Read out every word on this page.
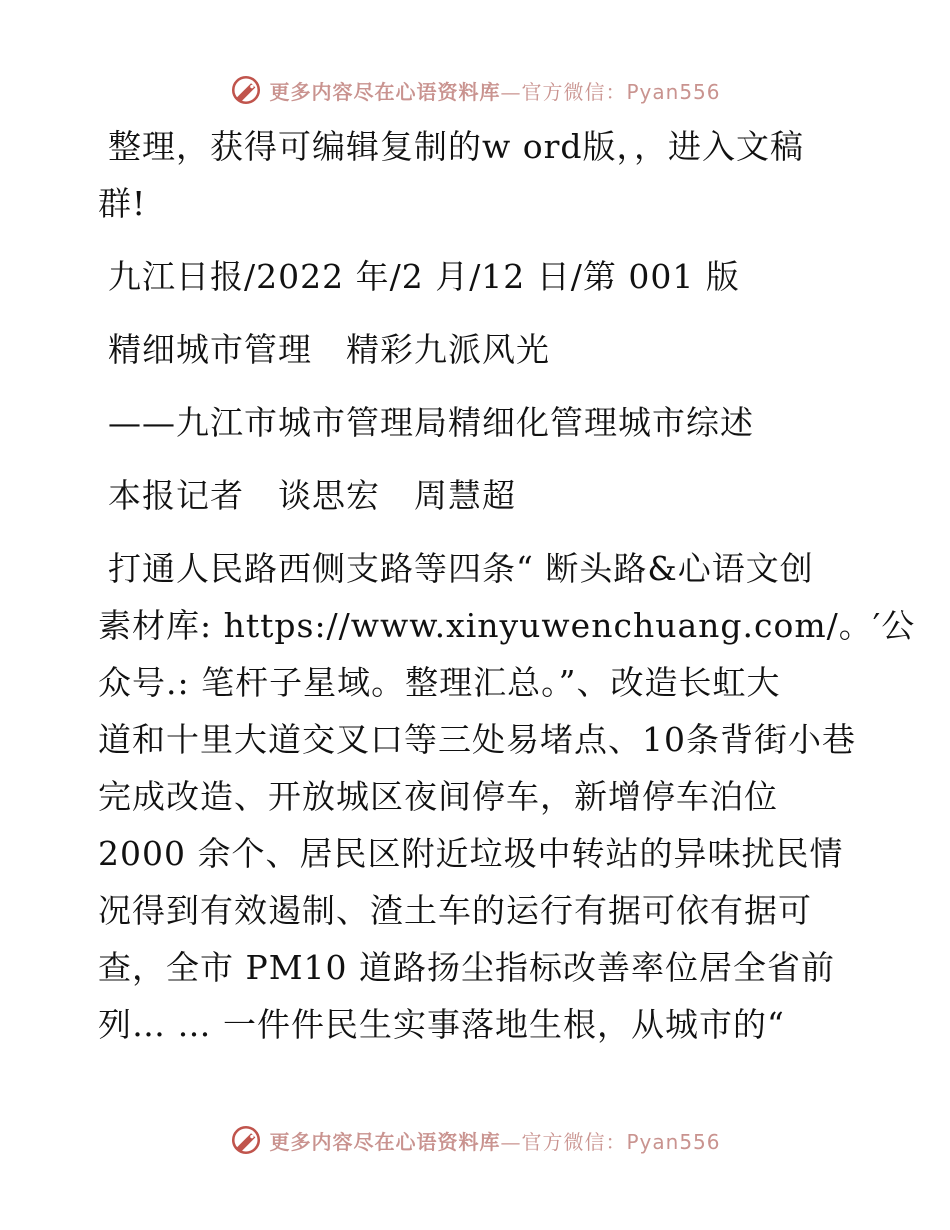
更多内容尽在心语资料库—官方微信：Pyan556
整理，获得可编辑复制的w ord版，，进入文稿
群!
九江日报/2022 年/2 月/12 日/第 001 版
精细城市管理　精彩九派风光
——九江市城市管理局精细化管理城市综述
本报记者　谈思宏　周慧超
打通人民路西侧支路等四条“ 断头路&心语文创
素材库: https://www.xinyuwenchuang.com/。′公
众号.: 笔杆子星域。整理汇总。”、改造长虹大
道和十里大道交叉口等三处易堵点、10条背街小巷
完成改造、开放城区夜间停车，新增停车泊位
2000 余个、居民区附近垃圾中转站的异味扰民情
况得到有效遏制、渣土车的运行有据可依有据可
查，全市 PM10 道路扬尘指标改善率位居全省前
列… … 一件件民生实事落地生根，从城市的“
更多内容尽在心语资料库—官方微信：Pyan556
